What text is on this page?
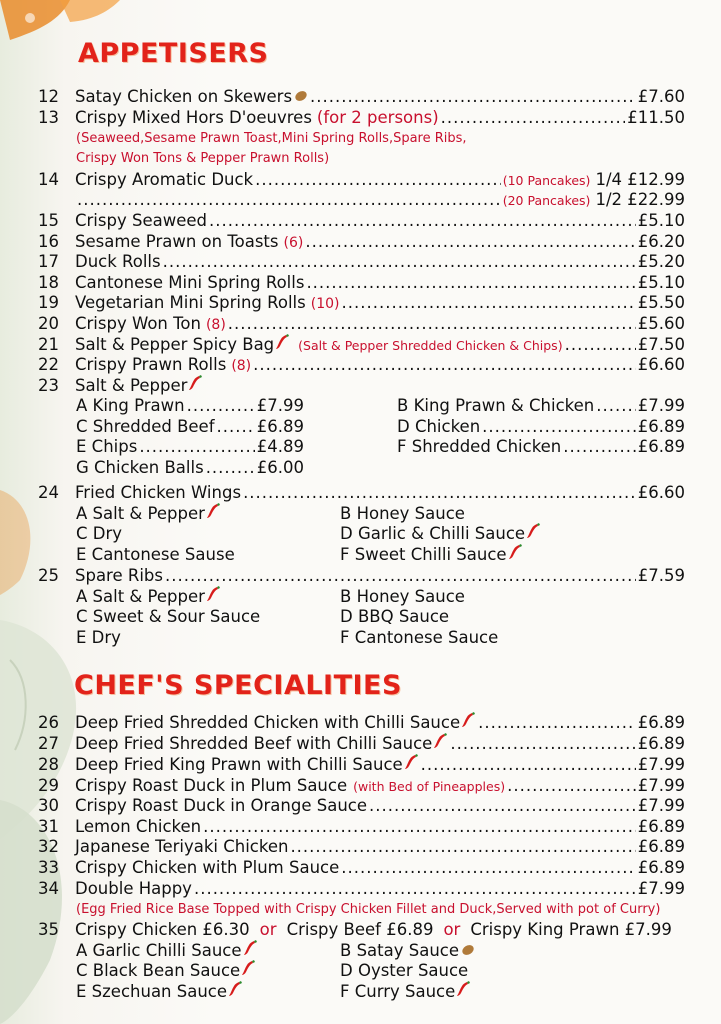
APPETISERS
12 Satay Chicken on Skewers .....	£7.60
13 Crispy Mixed Hors D'oeuvres (for 2 persons) .....	£11.50
(Seaweed,Sesame Prawn Toast,Mini Spring Rolls,Spare Ribs,
Crispy Won Tons & Pepper Prawn Rolls)
14 Crispy Aromatic Duck .....	(10 Pancakes) 1/4 £12.99
.....
(20 Pancakes) 1/2 £22.99
15 Crispy Seaweed .....	£5.10
16 Sesame Prawn on Toasts (6) .....	£6.20
17 Duck Rolls .....	£5.20
18 Cantonese Mini Spring Rolls .....	£5.10
19 Vegetarian Mini Spring Rolls (10) .....	£5.50
20 Crispy Won Ton (8) .....	£5.60
21 Salt & Pepper Spicy Bag (Salt & Pepper Shredded Chicken & Chips) .....	£7.50
22 Crispy Prawn Rolls (8) .....	£6.60
23 Salt & Pepper
A King Prawn .....	£7.99	B King Prawn & Chicken .....	£7.99
C Shredded Beef .....	£6.89	D Chicken .....	£6.89
E Chips .....	£4.89	F Shredded Chicken .....	£6.89
G Chicken Balls .....	£6.00
24 Fried Chicken Wings .....	£6.60
A Salt & Pepper	B Honey Sauce
C Dry	D Garlic & Chilli Sauce
E Cantonese Sause	F Sweet Chilli Sauce
25 Spare Ribs .....	£7.59
A Salt & Pepper	B Honey Sauce
C Sweet & Sour Sauce	D BBQ Sauce
E Dry	F Cantonese Sauce
CHEF'S SPECIALITIES
26 Deep Fried Shredded Chicken with Chilli Sauce .....	£6.89
27 Deep Fried Shredded Beef with Chilli Sauce .....	£6.89
28 Deep Fried King Prawn with Chilli Sauce .....	£7.99
29 Crispy Roast Duck in Plum Sauce (with Bed of Pineapples) .....	£7.99
30 Crispy Roast Duck in Orange Sauce .....	£7.99
31 Lemon Chicken .....	£6.89
32 Japanese Teriyaki Chicken .....	£6.89
33 Crispy Chicken with Plum Sauce .....	£6.89
34 Double Happy .....	£7.99
(Egg Fried Rice Base Topped with Crispy Chicken Fillet and Duck,Served with pot of Curry)
35 Crispy Chicken £6.30 or Crispy Beef £6.89 or Crispy King Prawn £7.99
A Garlic Chilli Sauce	B Satay Sauce
C Black Bean Sauce	D Oyster Sauce
E Szechuan Sauce	F Curry Sauce
